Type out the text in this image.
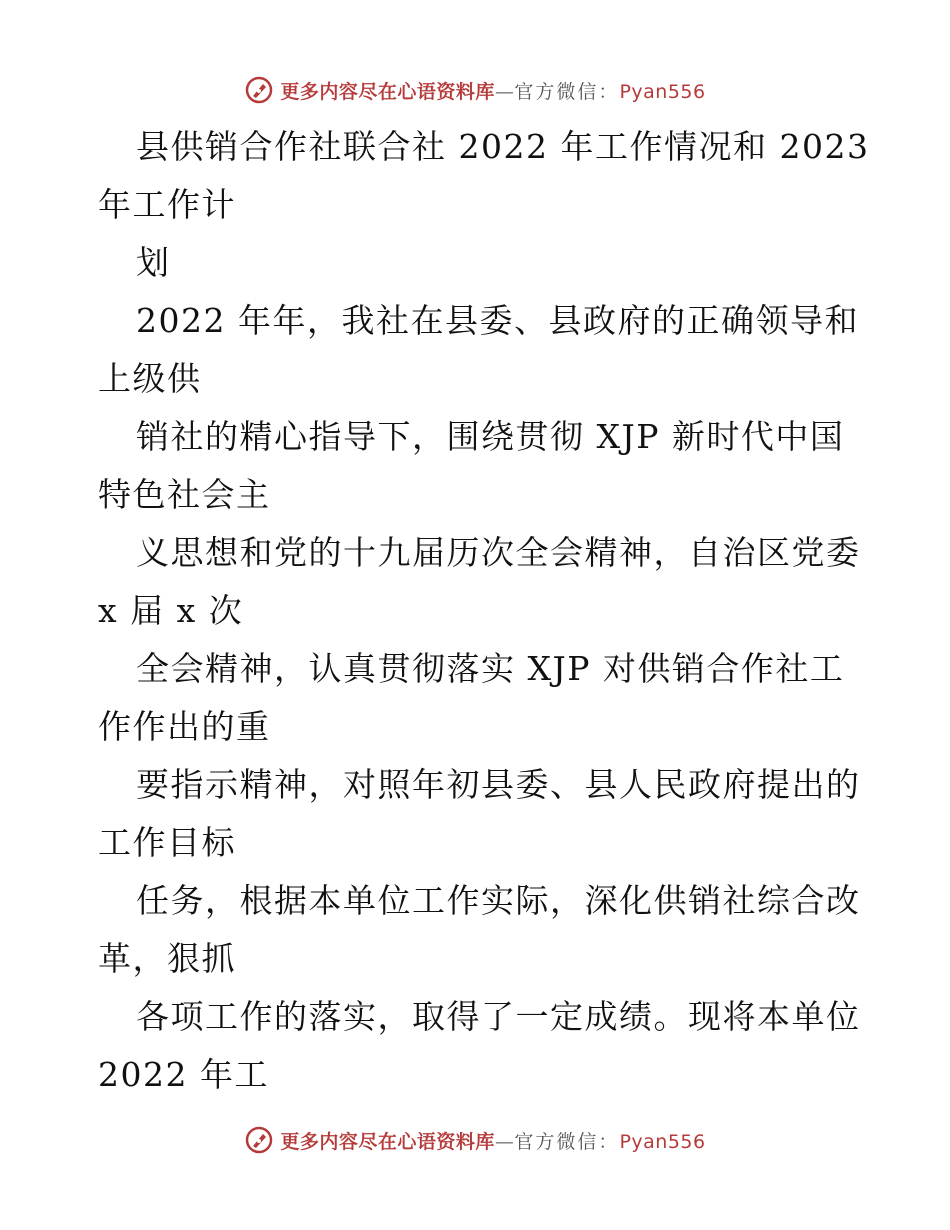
更多内容尽在心语资料库—官方微信：Pyan556
县供销合作社联合社 2022 年工作情况和 2023
年工作计
划
2022 年年，我社在县委、县政府的正确领导和
上级供
销社的精心指导下，围绕贯彻 XJP 新时代中国
特色社会主
义思想和党的十九届历次全会精神，自治区党委
x 届 x 次
全会精神，认真贯彻落实 XJP 对供销合作社工
作作出的重
要指示精神，对照年初县委、县人民政府提出的
工作目标
任务，根据本单位工作实际，深化供销社综合改
革，狠抓
各项工作的落实，取得了一定成绩。现将本单位
2022 年工
更多内容尽在心语资料库—官方微信：Pyan556
